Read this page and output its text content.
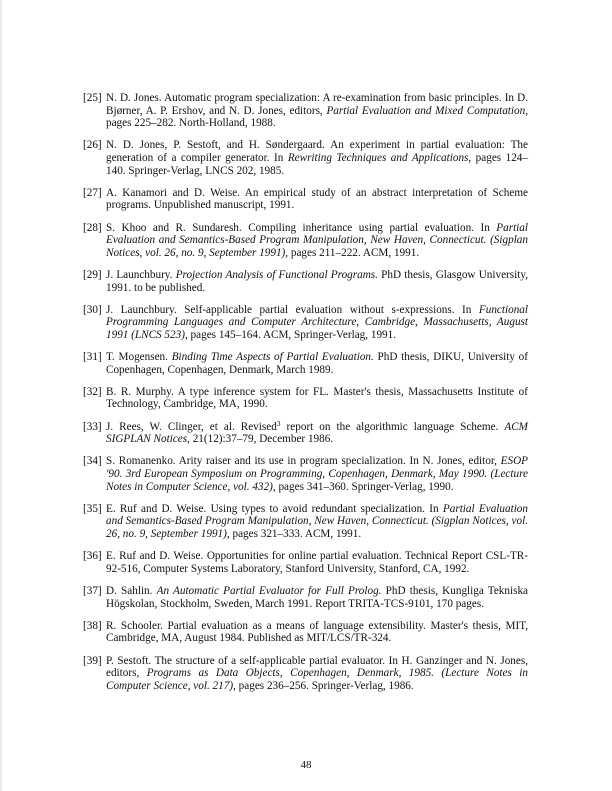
[25] N. D. Jones. Automatic program specialization: A re-examination from basic principles. In D. Bjørner, A. P. Ershov, and N. D. Jones, editors, Partial Evaluation and Mixed Computation, pages 225–282. North-Holland, 1988.
[26] N. D. Jones, P. Sestoft, and H. Søndergaard. An experiment in partial evaluation: The generation of a compiler generator. In Rewriting Techniques and Applications, pages 124–140. Springer-Verlag, LNCS 202, 1985.
[27] A. Kanamori and D. Weise. An empirical study of an abstract interpretation of Scheme programs. Unpublished manuscript, 1991.
[28] S. Khoo and R. Sundaresh. Compiling inheritance using partial evaluation. In Partial Evaluation and Semantics-Based Program Manipulation, New Haven, Connecticut. (Sigplan Notices, vol. 26, no. 9, September 1991), pages 211–222. ACM, 1991.
[29] J. Launchbury. Projection Analysis of Functional Programs. PhD thesis, Glasgow University, 1991. to be published.
[30] J. Launchbury. Self-applicable partial evaluation without s-expressions. In Functional Programming Languages and Computer Architecture, Cambridge, Massachusetts, August 1991 (LNCS 523), pages 145–164. ACM, Springer-Verlag, 1991.
[31] T. Mogensen. Binding Time Aspects of Partial Evaluation. PhD thesis, DIKU, University of Copenhagen, Copenhagen, Denmark, March 1989.
[32] B. R. Murphy. A type inference system for FL. Master's thesis, Massachusetts Institute of Technology, Cambridge, MA, 1990.
[33] J. Rees, W. Clinger, et al. Revised$^3$ report on the algorithmic language Scheme. ACM SIGPLAN Notices, 21(12):37–79, December 1986.
[34] S. Romanenko. Arity raiser and its use in program specialization. In N. Jones, editor, ESOP '90. 3rd European Symposium on Programming, Copenhagen, Denmark, May 1990. (Lecture Notes in Computer Science, vol. 432), pages 341–360. Springer-Verlag, 1990.
[35] E. Ruf and D. Weise. Using types to avoid redundant specialization. In Partial Evaluation and Semantics-Based Program Manipulation, New Haven, Connecticut. (Sigplan Notices, vol. 26, no. 9, September 1991), pages 321–333. ACM, 1991.
[36] E. Ruf and D. Weise. Opportunities for online partial evaluation. Technical Report CSL-TR-92-516, Computer Systems Laboratory, Stanford University, Stanford, CA, 1992.
[37] D. Sahlin. An Automatic Partial Evaluator for Full Prolog. PhD thesis, Kungliga Tekniska Högskolan, Stockholm, Sweden, March 1991. Report TRITA-TCS-9101, 170 pages.
[38] R. Schooler. Partial evaluation as a means of language extensibility. Master's thesis, MIT, Cambridge, MA, August 1984. Published as MIT/LCS/TR-324.
[39] P. Sestoft. The structure of a self-applicable partial evaluator. In H. Ganzinger and N. Jones, editors, Programs as Data Objects, Copenhagen, Denmark, 1985. (Lecture Notes in Computer Science, vol. 217), pages 236–256. Springer-Verlag, 1986.
48
